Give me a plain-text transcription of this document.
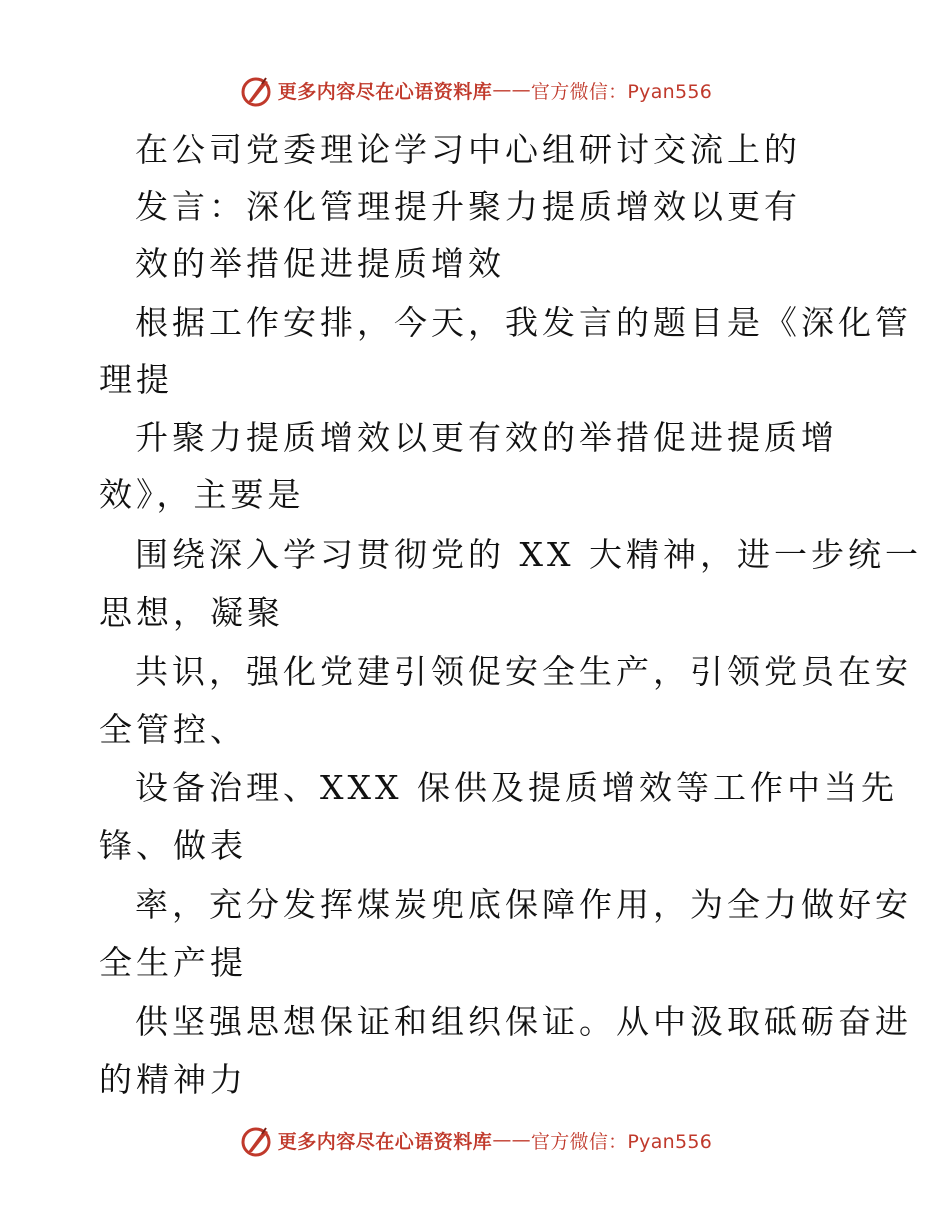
更多内容尽在心语资料库 —— 官方微信：Pyan556
在公司党委理论学习中心组研讨交流上的
发言：深化管理提升聚力提质增效以更有
效的举措促进提质增效
根据工作安排，今天，我发言的题目是《深化管
理提
升聚力提质增效以更有效的举措促进提质增
效》，主要是
围绕深入学习贯彻党的 XX 大精神，进一步统一
思想，凝聚
共识，强化党建引领促安全生产，引领党员在安
全管控、
设备治理、XXX 保供及提质增效等工作中当先
锋、做表
率，充分发挥煤炭兜底保障作用，为全力做好安
全生产提
供坚强思想保证和组织保证。从中汲取砥砺奋进
的精神力
更多内容尽在心语资料库 —— 官方微信：Pyan556
